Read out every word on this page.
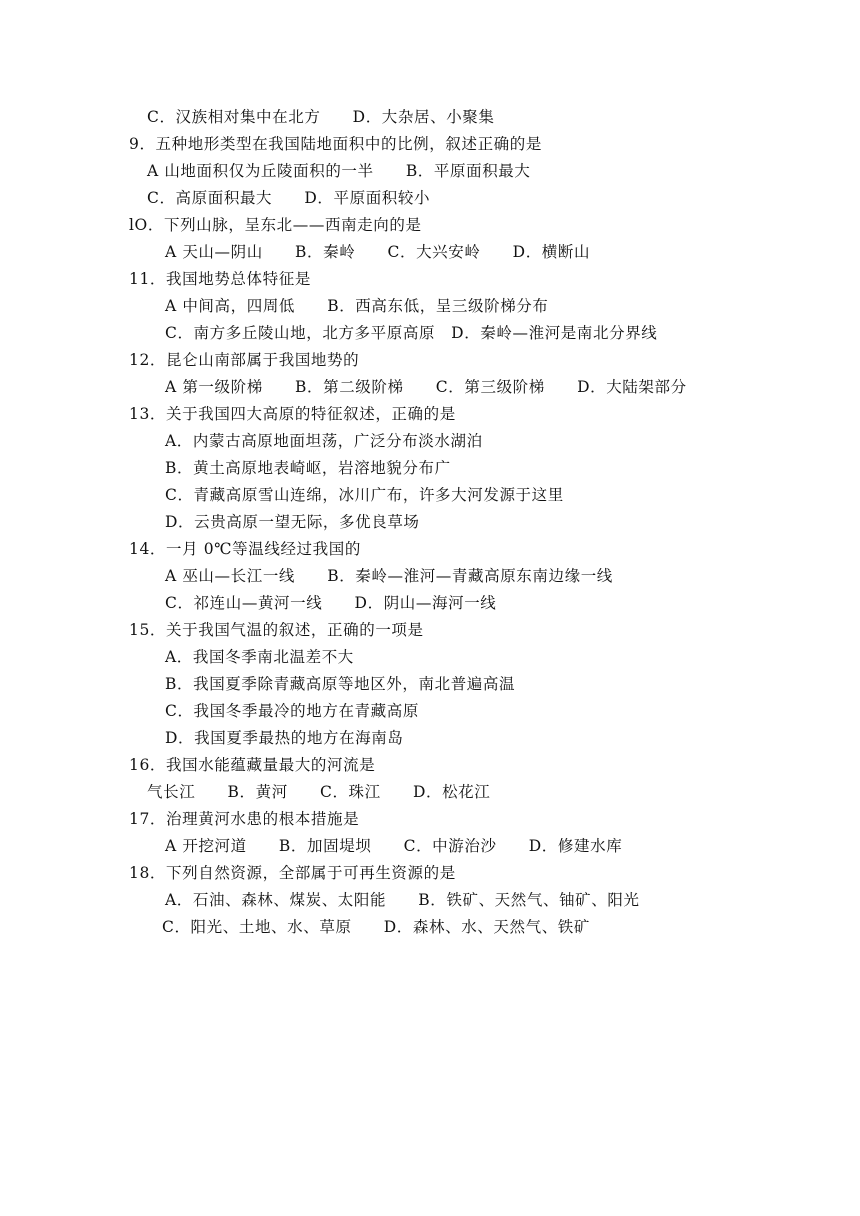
C．汉族相对集中在北方　　D．大杂居、小聚集
9．五种地形类型在我国陆地面积中的比例，叙述正确的是
A 山地面积仅为丘陵面积的一半　　B．平原面积最大
C．高原面积最大　　D．平原面积较小
lO．下列山脉，呈东北——西南走向的是
A 天山—阴山　　B．秦岭　　C．大兴安岭　　D．横断山
11．我国地势总体特征是
A 中间高，四周低　　B．西高东低，呈三级阶梯分布
C．南方多丘陵山地，北方多平原高原　D．秦岭—淮河是南北分界线
12．昆仑山南部属于我国地势的
A 第一级阶梯　　B．第二级阶梯　　C．第三级阶梯　　D．大陆架部分
13．关于我国四大高原的特征叙述，正确的是
A．内蒙古高原地面坦荡，广泛分布淡水湖泊
B．黄土高原地表崎岖，岩溶地貌分布广
C．青藏高原雪山连绵，冰川广布，许多大河发源于这里
D．云贵高原一望无际，多优良草场
14．一月 0℃等温线经过我国的
A 巫山—长江一线　　B．秦岭—淮河—青藏高原东南边缘一线
C．祁连山—黄河一线　　D．阴山—海河一线
15．关于我国气温的叙述，正确的一项是
A．我国冬季南北温差不大
B．我国夏季除青藏高原等地区外，南北普遍高温
C．我国冬季最冷的地方在青藏高原
D．我国夏季最热的地方在海南岛
16．我国水能蕴藏量最大的河流是
气长江　　B．黄河　　C．珠江　　D．松花江
17．治理黄河水患的根本措施是
A 开挖河道　　B．加固堤坝　　C．中游治沙　　D．修建水库
18．下列自然资源，全部属于可再生资源的是
A．石油、森林、煤炭、太阳能　　B．铁矿、天然气、铀矿、阳光
C．阳光、土地、水、草原　　D．森林、水、天然气、铁矿
